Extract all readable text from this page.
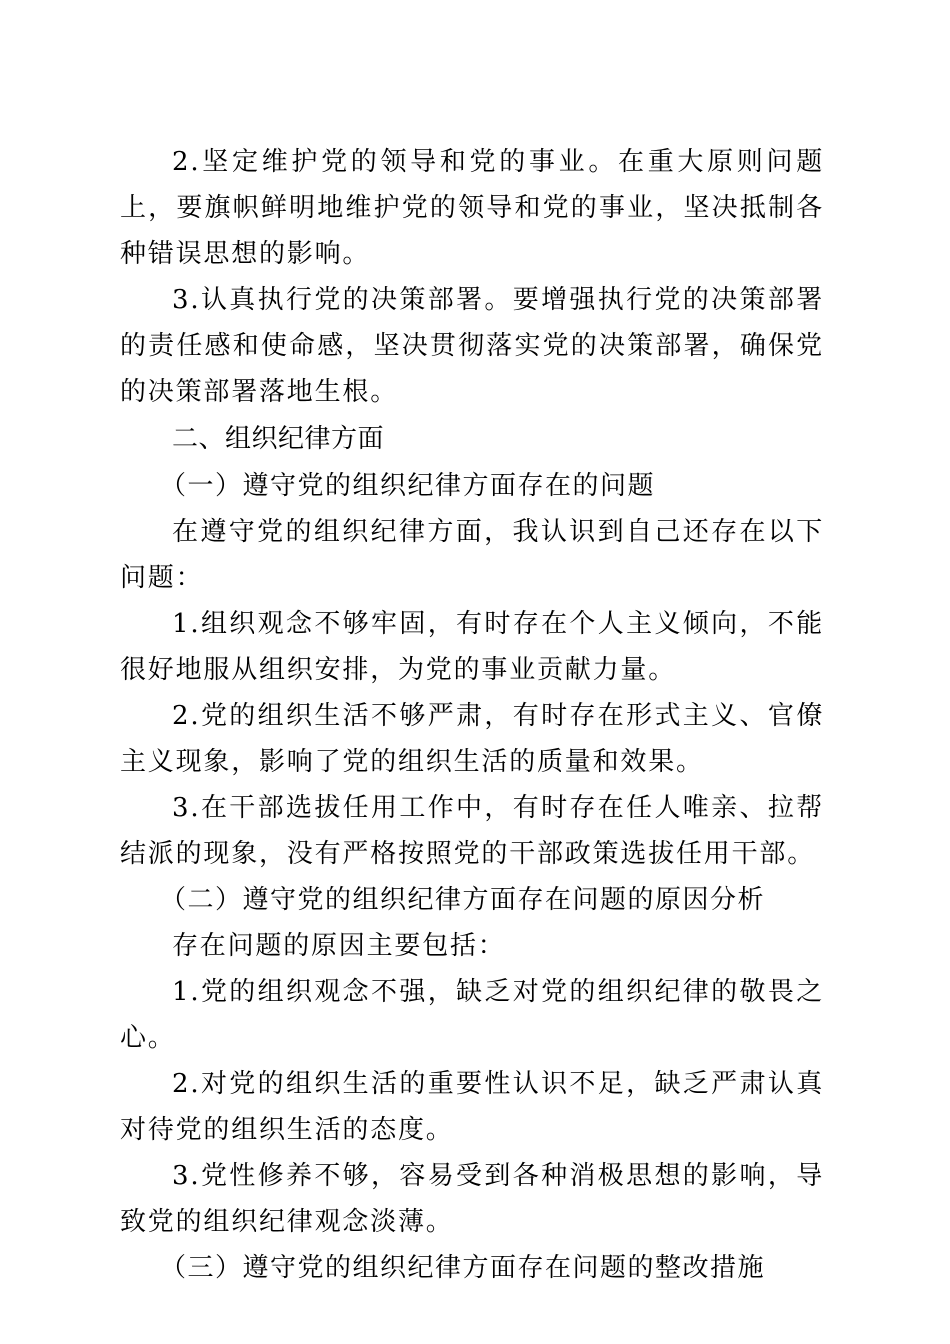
2.坚定维护党的领导和党的事业。在重大原则问题上，要旗帜鲜明地维护党的领导和党的事业，坚决抵制各种错误思想的影响。

3.认真执行党的决策部署。要增强执行党的决策部署的责任感和使命感，坚决贯彻落实党的决策部署，确保党的决策部署落地生根。

二、组织纪律方面

（一）遵守党的组织纪律方面存在的问题

在遵守党的组织纪律方面，我认识到自己还存在以下问题：

1.组织观念不够牢固，有时存在个人主义倾向，不能很好地服从组织安排，为党的事业贡献力量。

2.党的组织生活不够严肃，有时存在形式主义、官僚主义现象，影响了党的组织生活的质量和效果。

3.在干部选拔任用工作中，有时存在任人唯亲、拉帮结派的现象，没有严格按照党的干部政策选拔任用干部。

（二）遵守党的组织纪律方面存在问题的原因分析

存在问题的原因主要包括：

1.党的组织观念不强，缺乏对党的组织纪律的敬畏之心。

2.对党的组织生活的重要性认识不足，缺乏严肃认真对待党的组织生活的态度。

3.党性修养不够，容易受到各种消极思想的影响，导致党的组织纪律观念淡薄。

（三）遵守党的组织纪律方面存在问题的整改措施
